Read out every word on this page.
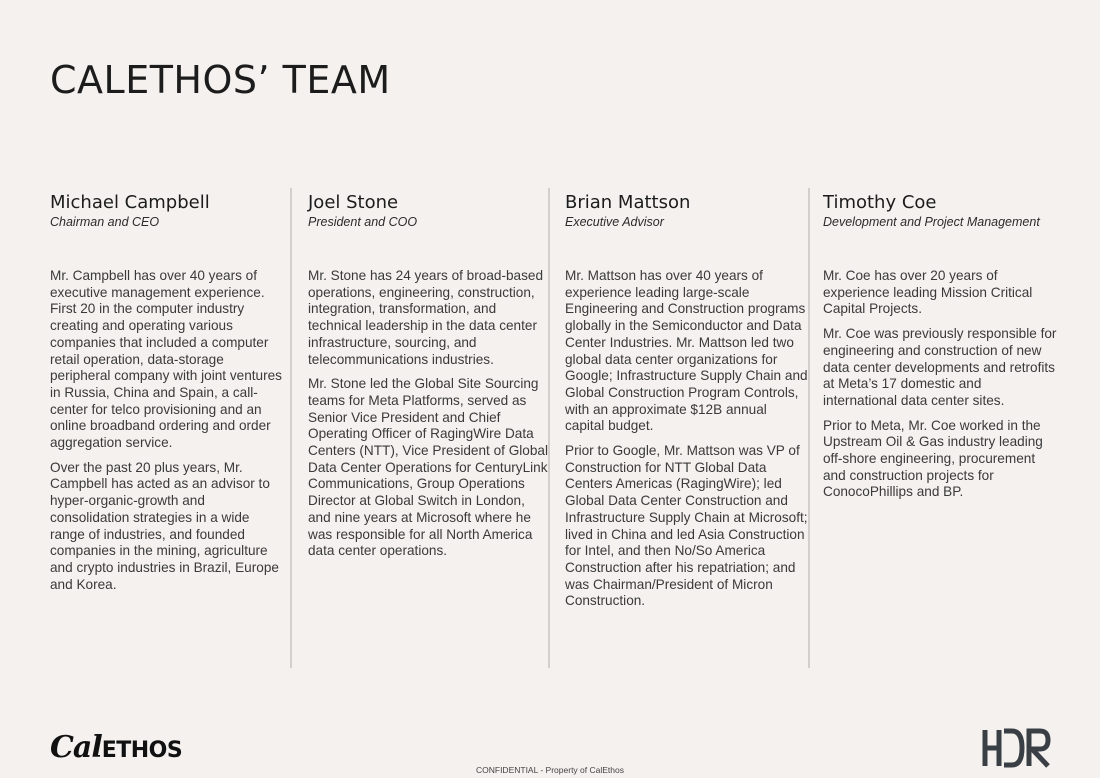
CALETHOS’ TEAM
Michael Campbell
Chairman and CEO

Mr. Campbell has over 40 years of executive management experience. First 20 in the computer industry creating and operating various companies that included a computer retail operation, data-storage peripheral company with joint ventures in Russia, China and Spain, a call-center for telco provisioning and an online broadband ordering and order aggregation service.

Over the past 20 plus years, Mr. Campbell has acted as an advisor to hyper-organic-growth and consolidation strategies in a wide range of industries, and founded companies in the mining, agriculture and crypto industries in Brazil, Europe and Korea.

Joel Stone
President and COO

Mr. Stone has 24 years of broad-based operations, engineering, construction, integration, transformation, and technical leadership in the data center infrastructure, sourcing, and telecommunications industries.

Mr. Stone led the Global Site Sourcing teams for Meta Platforms, served as Senior Vice President and Chief Operating Officer of RagingWire Data Centers (NTT), Vice President of Global Data Center Operations for CenturyLink Communications, Group Operations Director at Global Switch in London, and nine years at Microsoft where he was responsible for all North America data center operations.

Brian Mattson
Executive Advisor

Mr. Mattson has over 40 years of experience leading large-scale Engineering and Construction programs globally in the Semiconductor and Data Center Industries. Mr. Mattson led two global data center organizations for Google; Infrastructure Supply Chain and Global Construction Program Controls, with an approximate $12B annual capital budget.

Prior to Google, Mr. Mattson was VP of Construction for NTT Global Data Centers Americas (RagingWire); led Global Data Center Construction and Infrastructure Supply Chain at Microsoft; lived in China and led Asia Construction for Intel, and then No/So America Construction after his repatriation; and was Chairman/President of Micron Construction.

Timothy Coe
Development and Project Management

Mr. Coe has over 20 years of experience leading Mission Critical Capital Projects.

Mr. Coe was previously responsible for engineering and construction of new data center developments and retrofits at Meta’s 17 domestic and international data center sites.

Prior to Meta, Mr. Coe worked in the Upstream Oil & Gas industry leading off-shore engineering, procurement and construction projects for ConocoPhillips and BP.

Cal ETHOS
CONFIDENTIAL - Property of CalEthos
